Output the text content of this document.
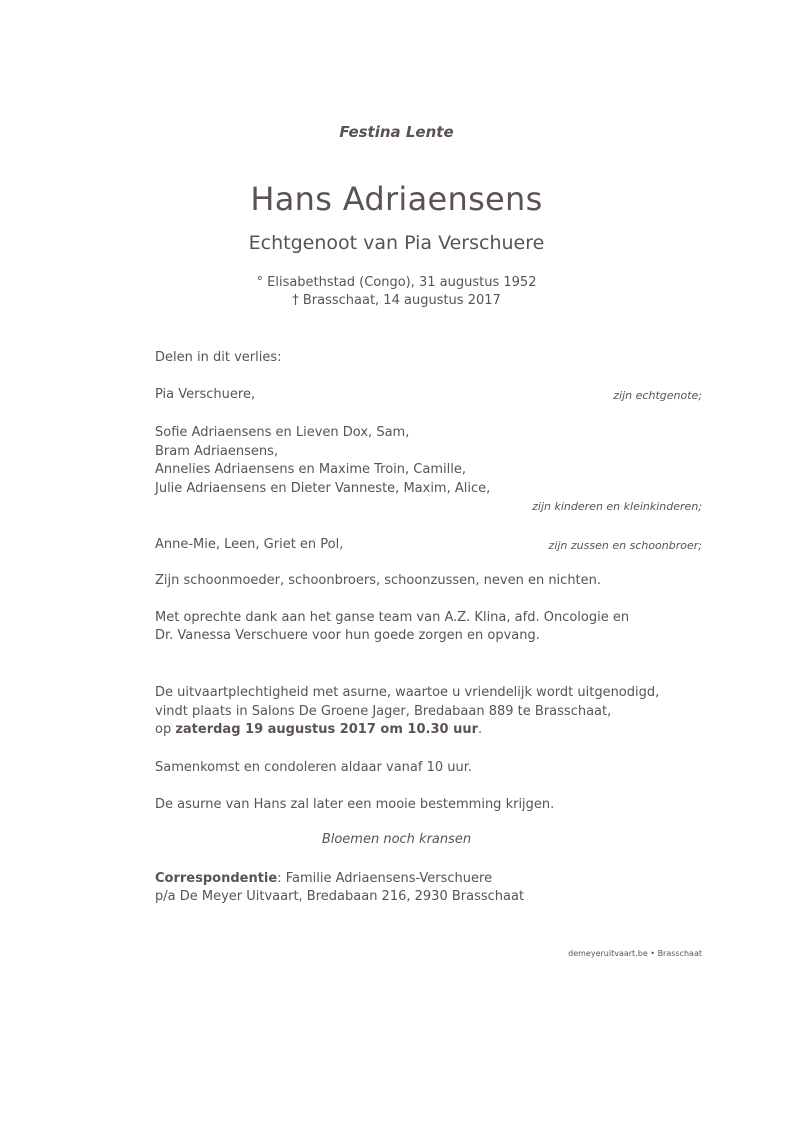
Festina Lente
Hans Adriaensens
Echtgenoot van Pia Verschuere
° Elisabethstad (Congo), 31 augustus 1952
† Brasschaat, 14 augustus 2017
Delen in dit verlies:
Pia Verschuere,	zijn echtgenote;
Sofie Adriaensens en Lieven Dox, Sam,
Bram Adriaensens,
Annelies Adriaensens en Maxime Troin, Camille,
Julie Adriaensens en Dieter Vanneste, Maxim, Alice,
zijn kinderen en kleinkinderen;
Anne-Mie, Leen, Griet en Pol,	zijn zussen en schoonbroer;
Zijn schoonmoeder, schoonbroers, schoonzussen, neven en nichten.
Met oprechte dank aan het ganse team van A.Z. Klina, afd. Oncologie en
Dr. Vanessa Verschuere voor hun goede zorgen en opvang.
De uitvaartplechtigheid met asurne, waartoe u vriendelijk wordt uitgenodigd,
vindt plaats in Salons De Groene Jager, Bredabaan 889 te Brasschaat,
op zaterdag 19 augustus 2017 om 10.30 uur.
Samenkomst en condoleren aldaar vanaf 10 uur.
De asurne van Hans zal later een mooie bestemming krijgen.
Bloemen noch kransen
Correspondentie: Familie Adriaensens-Verschuere
p/a De Meyer Uitvaart, Bredabaan 216, 2930 Brasschaat
demeyeruitvaart.be • Brasschaat
